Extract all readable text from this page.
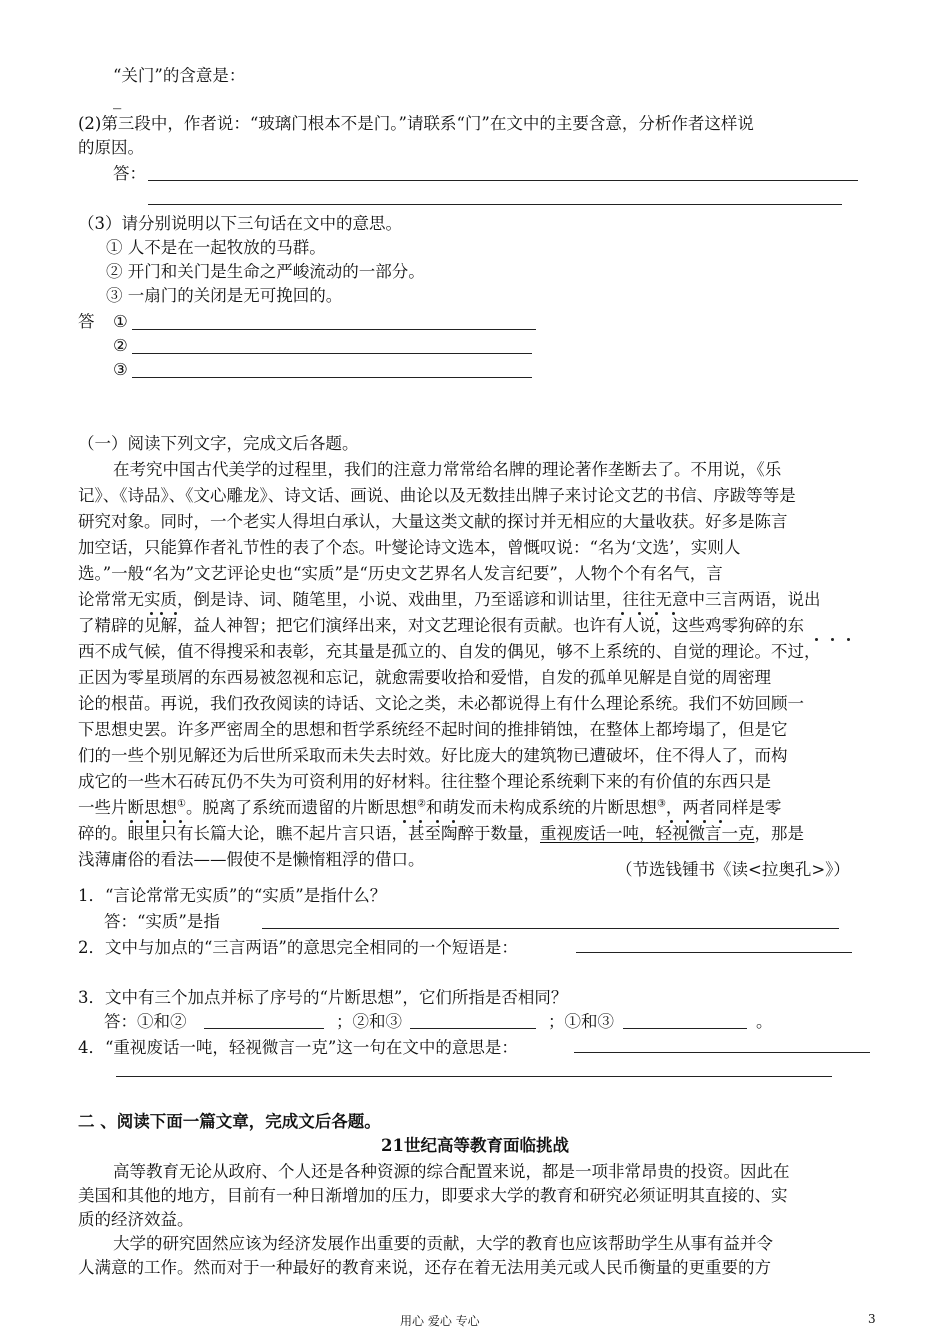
“关门”的含意是：
_
(2)第三段中，作者说：“玻璃门根本不是门。”请联系“门”在文中的主要含意，分析作者这样说
的原因。
答：
（3）请分别说明以下三句话在文中的意思。
① 人不是在一起牧放的马群。
② 开门和关门是生命之严峻流动的一部分。
③ 一扇门的关闭是无可挽回的。
答 ①
②
③
（一）阅读下列文字，完成文后各题。
在考究中国古代美学的过程里，我们的注意力常常给名牌的理论著作垄断去了。不用说，《乐
记》、《诗品》、《文心雕龙》、诗文话、画说、曲论以及无数挂出牌子来讨论文艺的书信、序跋等等是
研究对象。同时，一个老实人得坦白承认，大量这类文献的探讨并无相应的大量收获。好多是陈言
加空话，只能算作者礼节性的表了个态。叶燮论诗文选本，曾慨叹说：“名为‘文选’，实则人
选。”一般“名为”文艺评论史也“实质”是“历史文艺界名人发言纪要”，人物个个有名气，言
论常常无实质，倒是诗、词、随笔里，小说、戏曲里，乃至谣谚和训诂里，往往无意中三言两语，说出
了精辟的见解，益人神智；把它们演绎出来，对文艺理论很有贡献。也许有人说，这些鸡零狗碎的东
西不成气候，值不得搜采和表彰，充其量是孤立的、自发的偶见，够不上系统的、自觉的理论。不过，
正因为零星琐屑的东西易被忽视和忘记，就愈需要收拾和爱惜，自发的孤单见解是自觉的周密理
论的根苗。再说，我们孜孜阅读的诗话、文论之类，未必都说得上有什么理论系统。我们不妨回顾一
下思想史罢。许多严密周全的思想和哲学系统经不起时间的推排销蚀，在整体上都垮塌了，但是它
们的一些个别见解还为后世所采取而未失去时效。好比庞大的建筑物已遭破坏，住不得人了，而构
成它的一些木石砖瓦仍不失为可资利用的好材料。往往整个理论系统剩下来的有价值的东西只是
一些片断思想①。脱离了系统而遗留的片断思想②和萌发而未构成系统的片断思想③，两者同样是零
碎的。眼里只有长篇大论，瞧不起片言只语，甚至陶醉于数量，重视废话一吨，轻视微言一克，那是
浅薄庸俗的看法——假使不是懒惰粗浮的借口。
（节选钱锺书《读<拉奥孔>》）
1．“言论常常无实质”的“实质”是指什么？
答：“实质”是指
2．文中与加点的“三言两语”的意思完全相同的一个短语是：
3．文中有三个加点并标了序号的“片断思想”，它们所指是否相同？
答：①和②	；②和③	；①和③	。
4．“重视废话一吨，轻视微言一克”这一句在文中的意思是：
二 、阅读下面一篇文章，完成文后各题。
21世纪高等教育面临挑战
高等教育无论从政府、个人还是各种资源的综合配置来说，都是一项非常昂贵的投资。因此在
美国和其他的地方，目前有一种日渐增加的压力，即要求大学的教育和研究必须证明其直接的、实
质的经济效益。
大学的研究固然应该为经济发展作出重要的贡献，大学的教育也应该帮助学生从事有益并令
人满意的工作。然而对于一种最好的教育来说，还存在着无法用美元或人民币衡量的更重要的方
用心 爱心 专心	3
